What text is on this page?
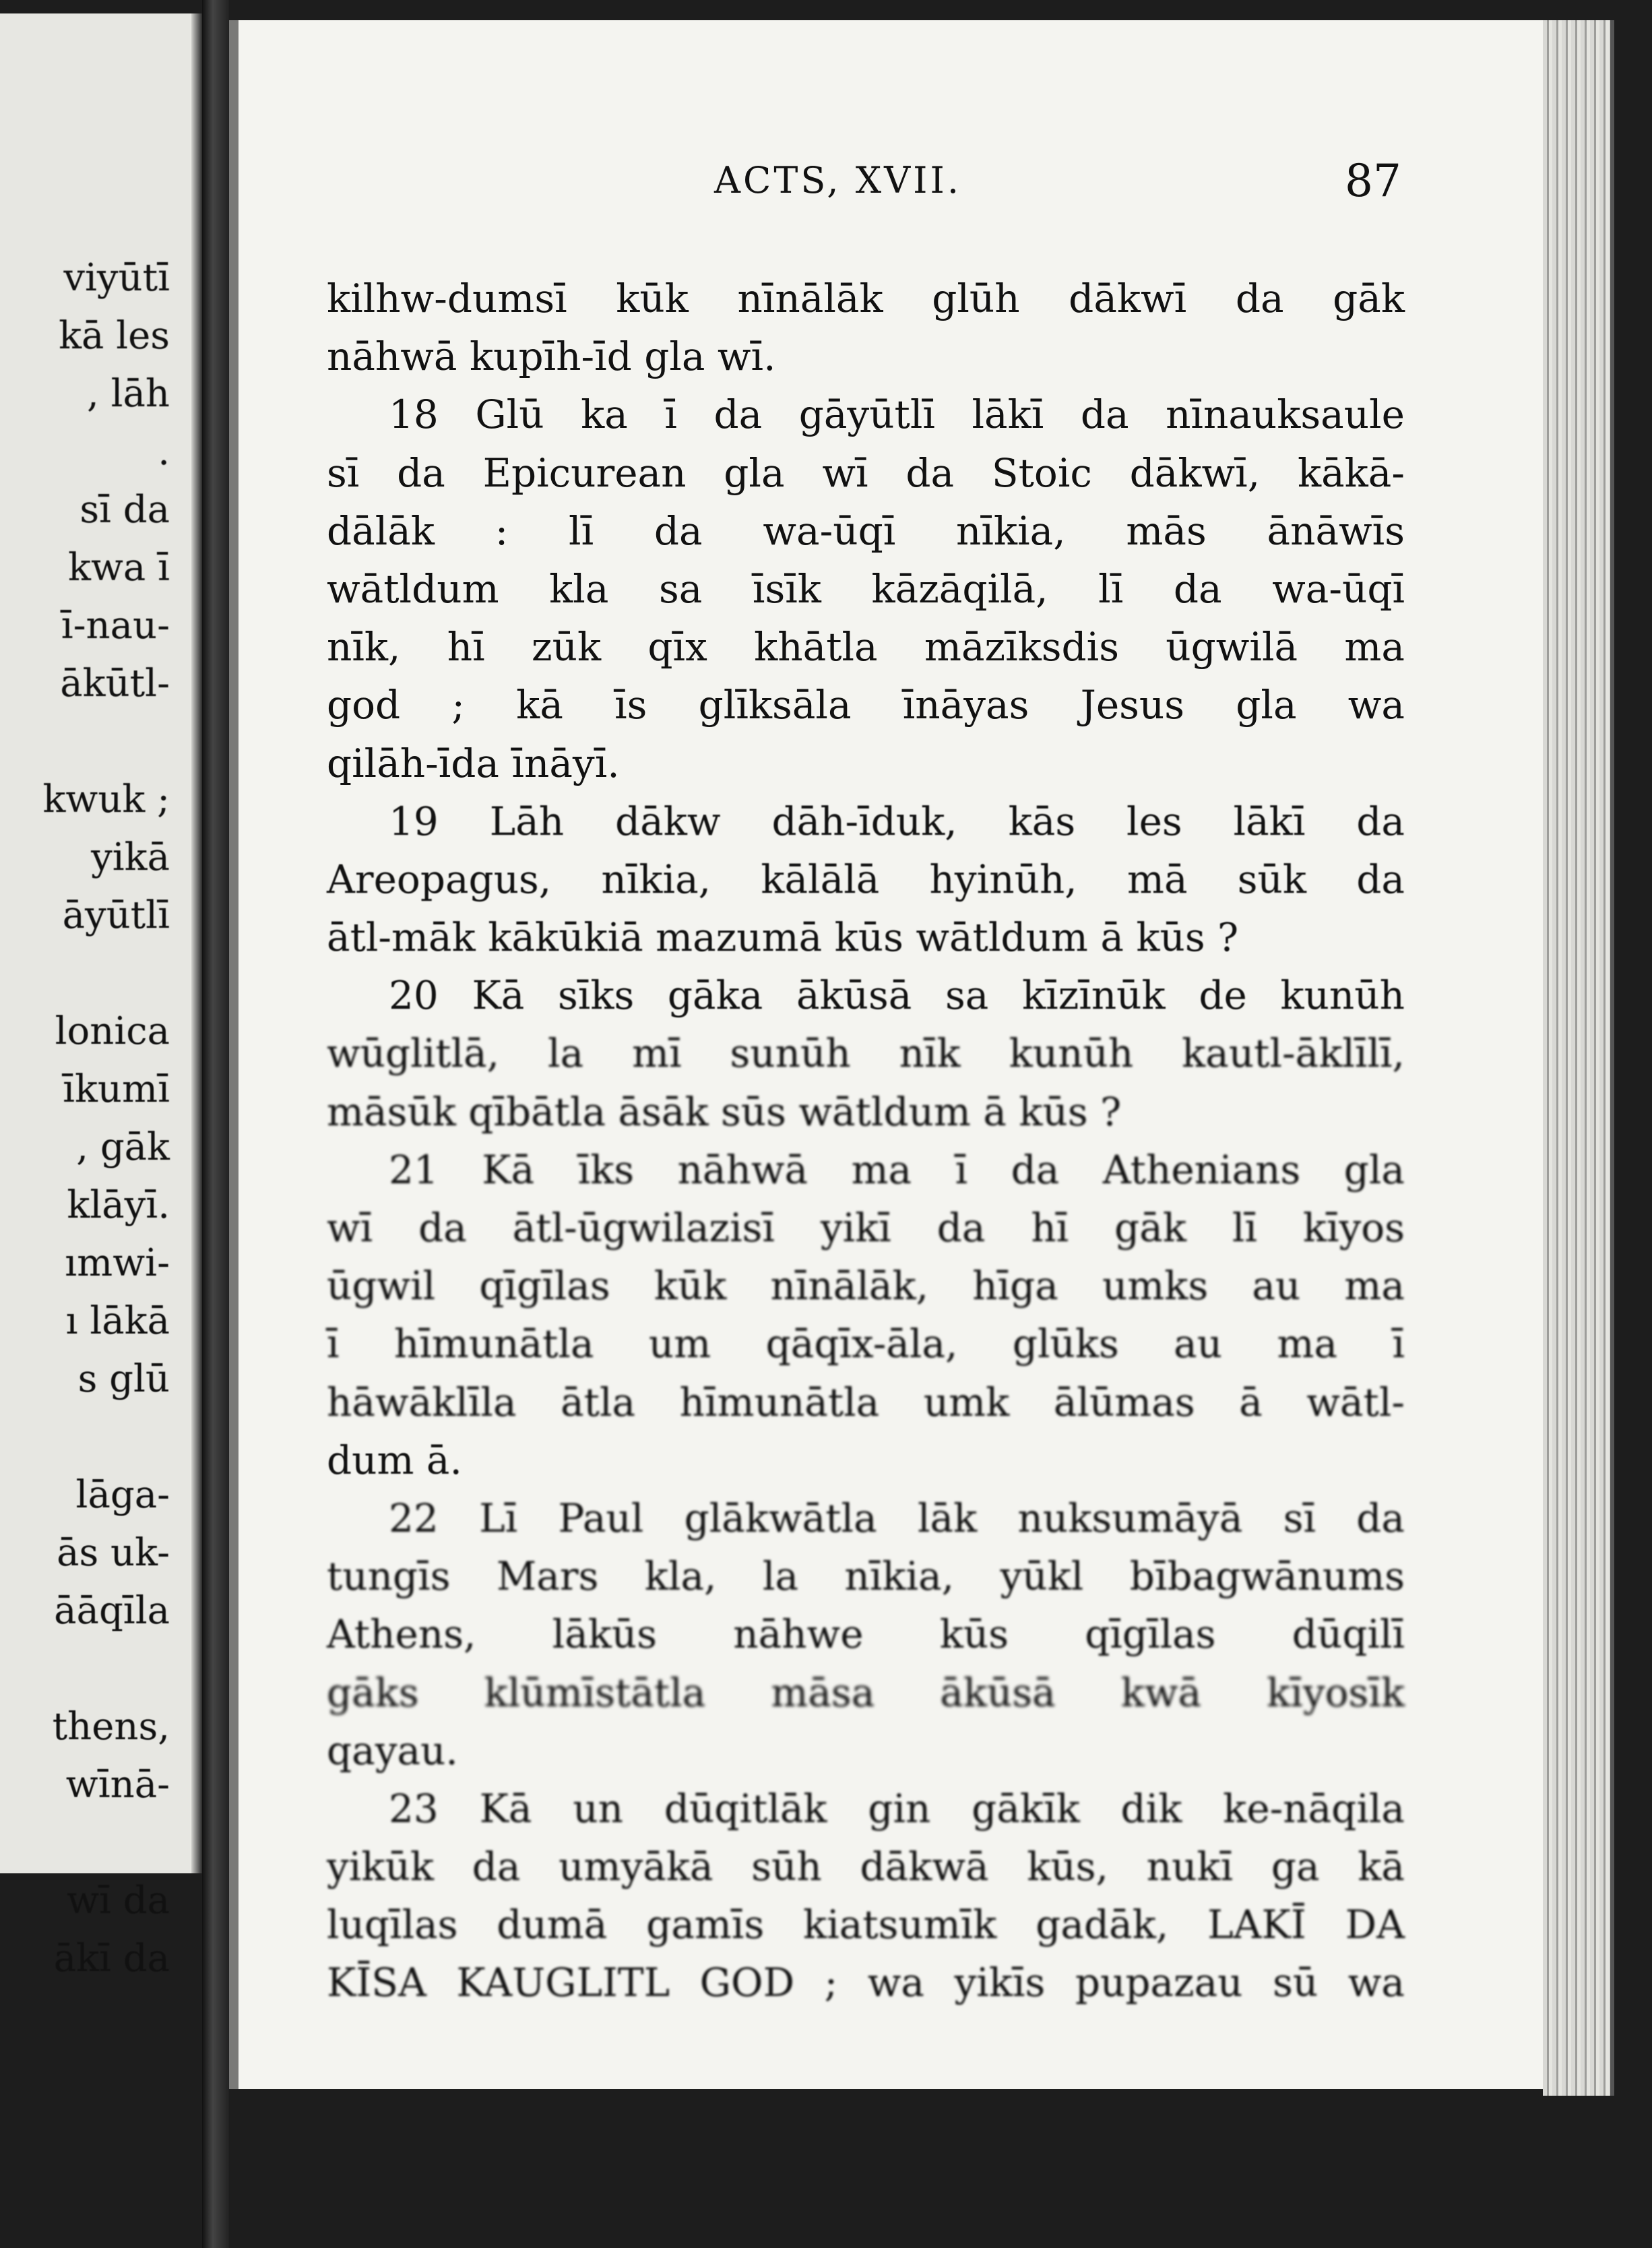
viyūtī
kā les
, lāh
.
sī da
kwa ī
ī-nau-
ākūtl-
kwuk ;
yikā
āyūtlī
lonica
īkumī
, gāk
klāyī.
ımwi-
ı lākā
s glū
lāga-
ās uk-
āāqīla
thens,
wīnā-
wī da
ākī da
ACTS, XVII.	87
kilhw-dumsī kūk nīnālāk glūh dākwī da gāk
nāhwā kupīh-īd gla wī.
18 Glū ka ī da gāyūtlī lākī da nīnauksaule
sī da Epicurean gla wī da Stoic dākwī, kākā-
dālāk : lī da wa-ūqī nīkia, mās ānāwīs
wātldum kla sa īsīk kāzāqilā, lī da wa-ūqī
nīk, hī zūk qīx khātla māzīksdis ūgwilā ma
god ; kā īs glīksāla īnāyas Jesus gla wa
qilāh-īda īnāyī.
19 Lāh dākw dāh-īduk, kās les lākī da
Areopagus, nīkia, kālālā hyinūh, mā sūk da
ātl-māk kākūkiā mazumā kūs wātldum ā kūs ?
20 Kā sīks gāka ākūsā sa kīzīnūk de kunūh
wūglitlā, la mī sunūh nīk kunūh kautl-āklīlī,
māsūk qībātla āsāk sūs wātldum ā kūs ?
21 Kā īks nāhwā ma ī da Athenians gla
wī da ātl-ūgwilazisī yikī da hī gāk lī kīyos
ūgwil qīgīlas kūk nīnālāk, hīga umks au ma
ī hīmunātla um qāqīx-āla, glūks au ma ī
hāwāklīla ātla hīmunātla umk ālūmas ā wātl-
dum ā.
22 Lī Paul glākwātla lāk nuksumāyā sī da
tungīs Mars kla, la nīkia, yūkl bībagwānums
Athens, lākūs nāhwe kūs qīgīlas dūqilī
gāks klūmīstātla māsa ākūsā kwā kīyosīk
qayau.
23 Kā un dūqitlāk gin gākīk dik ke-nāqila
yikūk da umyākā sūh dākwā kūs, nukī ga kā
luqīlas dumā gamīs kiatsumīk gadāk, LAKĪ DA
KĪSA KAUGLITL GOD ; wa yikīs pupazau sū wa
